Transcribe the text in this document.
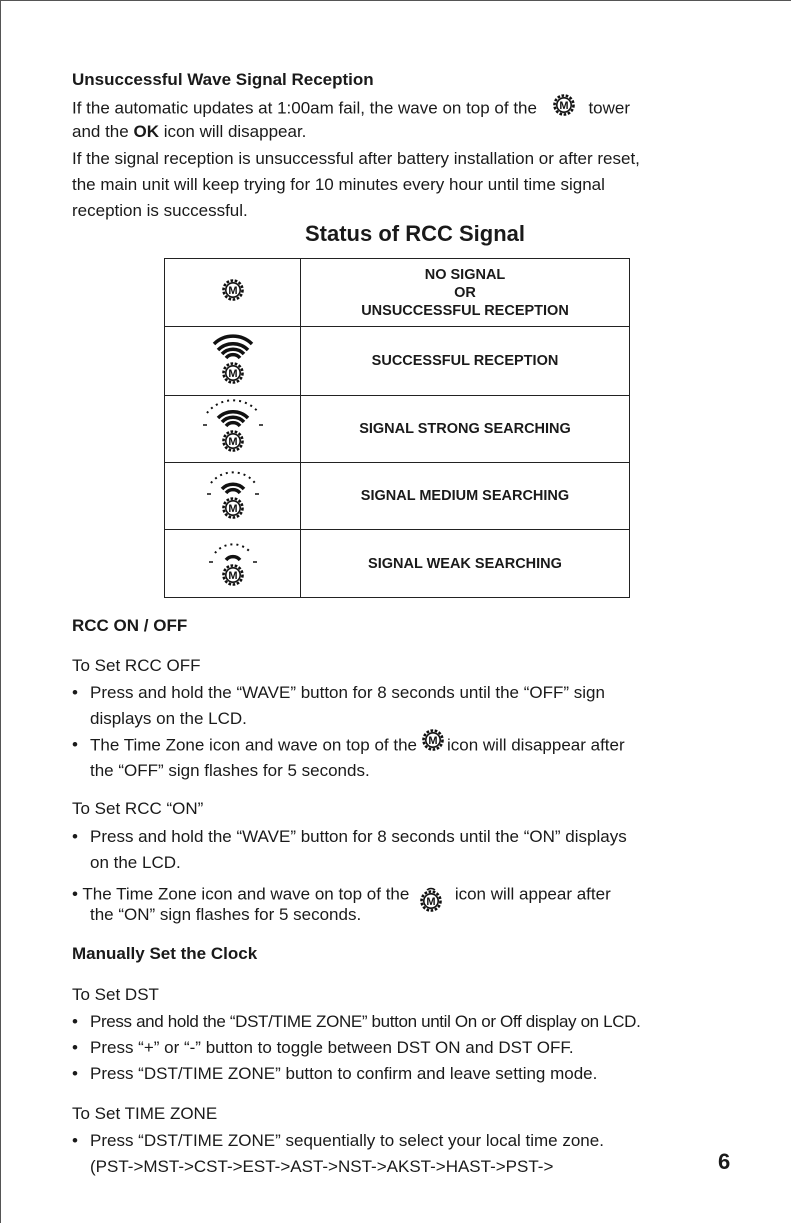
Unsuccessful Wave Signal Reception
If the automatic updates at 1:00am fail, the wave on top of the	tower
and the OK icon will disappear.
If the signal reception is unsuccessful after battery installation or after reset,
the main unit will keep trying for 10 minutes every hour until time signal
reception is successful.
Status of RCC Signal

NO SIGNAL
OR
UNSUCCESSFUL RECEPTION

	SUCCESSFUL RECEPTION
	SIGNAL STRONG SEARCHING
	SIGNAL MEDIUM SEARCHING
	SIGNAL WEAK SEARCHING
RCC ON / OFF
To Set RCC OFF
• Press and hold the “WAVE” button for 8 seconds until the “OFF” sign
displays on the LCD.
• The Time Zone icon and wave on top of the icon will disappear after
the “OFF” sign flashes for 5 seconds.
To Set RCC “ON”
• Press and hold the “WAVE” button for 8 seconds until the “ON” displays
on the LCD.
• The Time Zone icon and wave on top of the	icon will appear after
the “ON” sign flashes for 5 seconds.
Manually Set the Clock
To Set DST
• Press and hold the “DST/TIME ZONE” button until On or Off display on LCD.
• Press “+” or “-” button to toggle between DST ON and DST OFF.
• Press “DST/TIME ZONE” button to confirm and leave setting mode.
To Set TIME ZONE
• Press “DST/TIME ZONE” sequentially to select your local time zone.
(PST->MST->CST->EST->AST->NST->AKST->HAST->PST->	6
